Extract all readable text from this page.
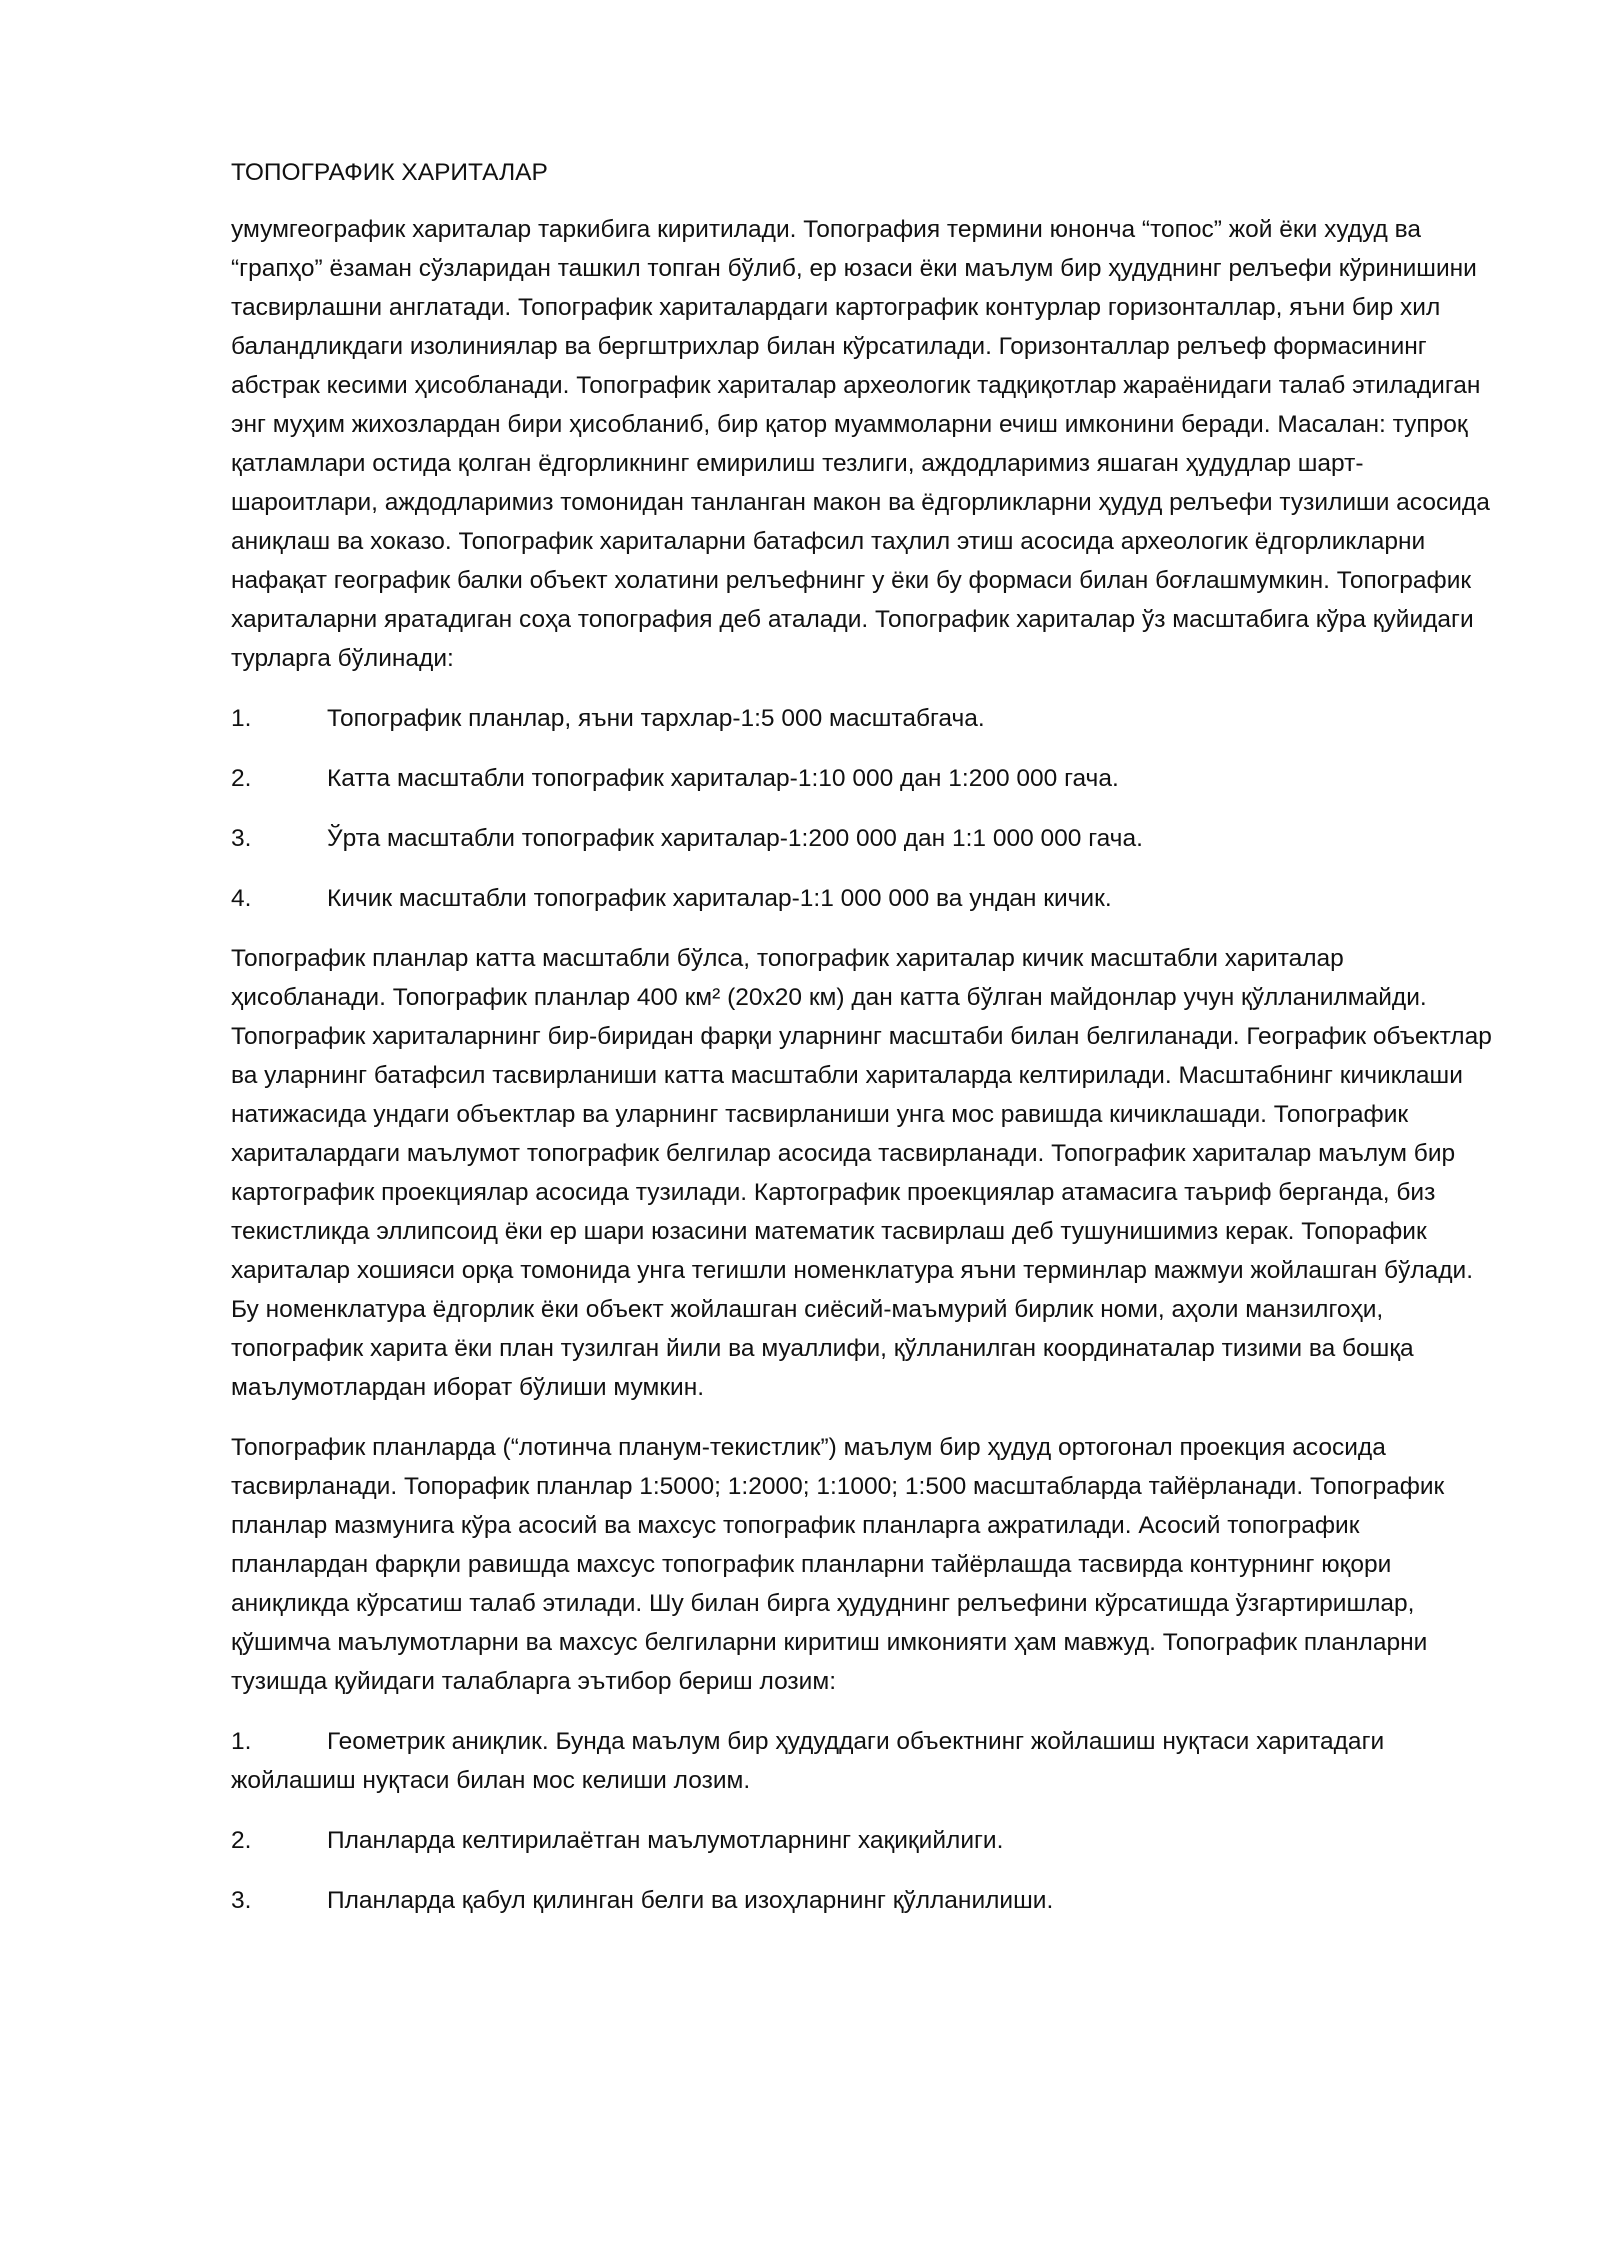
ТОПОГРАФИК ХАРИТАЛАР

умумгеографик хариталар таркибига киритилади. Топография термини юнонча “топос” жой ёки худуд ва “грапҳо” ёзаман сўзларидан ташкил топган бўлиб, ер юзаси ёки маълум бир ҳудуднинг релъефи кўринишини тасвирлашни англатади. Топографик хариталардаги картографик контурлар горизонталлар, яъни бир хил баландликдаги изолиниялар ва бергштрихлар билан кўрсатилади. Горизонталлар релъеф формасининг абстрак кесими ҳисобланади. Топографик хариталар археологик тадқиқотлар жараёнидаги талаб этиладиган энг муҳим жихозлардан бири ҳисобланиб, бир қатор муаммоларни ечиш имконини беради. Масалан: тупроқ қатламлари остида қолган ёдгорликнинг емирилиш тезлиги, аждодларимиз яшаган ҳудудлар шарт-шароитлари, аждодларимиз томонидан танланган макон ва ёдгорликларни ҳудуд релъефи тузилиши асосида аниқлаш ва хоказо. Топографик хариталарни батафсил таҳлил этиш асосида археологик ёдгорликларни нафақат географик балки объект холатини релъефнинг у ёки бу формаси билан боғлашмумкин. Топографик хариталарни яратадиган соҳа топография деб аталади. Топографик хариталар ўз масштабига кўра қуйидаги турларга бўлинади:

1.	Топографик планлар, яъни тархлар-1:5 000 масштабгача.
2.	Катта масштабли топографик хариталар-1:10 000 дан 1:200 000 гача.
3.	Ўрта масштабли топографик хариталар-1:200 000 дан 1:1 000 000 гача.
4.	Кичик масштабли топографик хариталар-1:1 000 000 ва ундан кичик.

Топографик планлар катта масштабли бўлса, топографик хариталар кичик масштабли хариталар ҳисобланади. Топографик планлар 400 км² (20x20 км) дан катта бўлган майдонлар учун қўлланилмайди. Топографик хариталарнинг бир-биридан фарқи уларнинг масштаби билан белгиланади. Географик объектлар ва уларнинг батафсил тасвирланиши катта масштабли хариталарда келтирилади. Масштабнинг кичиклаши натижасида ундаги объектлар ва уларнинг тасвирланиши унга мос равишда кичиклашади. Топографик хариталардаги маълумот топографик белгилар асосида тасвирланади. Топографик хариталар маълум бир картографик проекциялар асосида тузилади. Картографик проекциялар атамасига таъриф берганда, биз текистликда эллипсоид ёки ер шари юзасини математик тасвирлаш деб тушунишимиз керак. Топорафик хариталар хошияси орқа томонида унга тегишли номенклатура яъни терминлар мажмуи жойлашган бўлади. Бу номенклатура ёдгорлик ёки объект жойлашган сиёсий-маъмурий бирлик номи, аҳоли манзилгоҳи, топографик харита ёки план тузилган йили ва муаллифи, қўлланилган координаталар тизими ва бошқа маълумотлардан иборат бўлиши мумкин.

Топографик планларда (“лотинча планум-текистлик”) маълум бир ҳудуд ортогонал проекция асосида тасвирланади. Топорафик планлар 1:5000; 1:2000; 1:1000; 1:500 масштабларда тайёрланади. Топографик планлар мазмунига кўра асосий ва махсус топографик планларга ажратилади. Асосий топографик планлардан фарқли равишда махсус топографик планларни тайёрлашда тасвирда контурнинг юқори аниқликда кўрсатиш талаб этилади. Шу билан бирга ҳудуднинг релъефини кўрсатишда ўзгартиришлар, қўшимча маълумотларни ва махсус белгиларни киритиш имконияти ҳам мавжуд. Топографик планларни тузишда қуйидаги талабларга эътибор бериш лозим:

1.	Геометрик аниқлик. Бунда маълум бир ҳудуддаги объектнинг жойлашиш нуқтаси харитадаги жойлашиш нуқтаси билан мос келиши лозим.
2.	Планларда келтирилаётган маълумотларнинг хақиқийлиги.
3.	Планларда қабул қилинган белги ва изоҳларнинг қўлланилиши.
